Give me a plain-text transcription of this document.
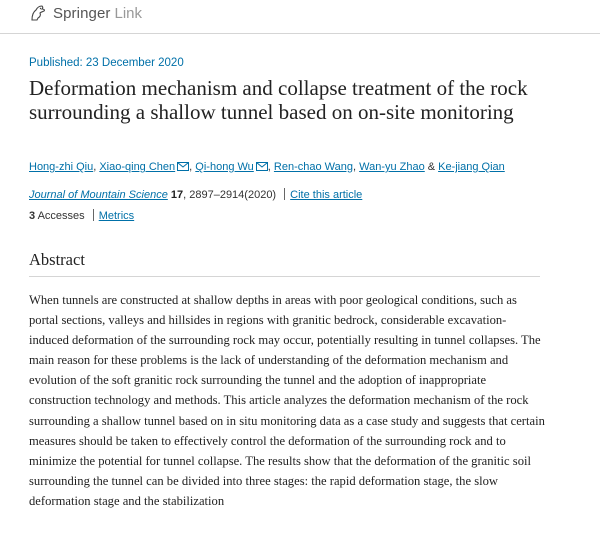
Springer Link
Published: 23 December 2020
Deformation mechanism and collapse treatment of the rock surrounding a shallow tunnel based on on-site monitoring
Hong-zhi Qiu, Xiao-qing Chen , Qi-hong Wu , Ren-chao Wang, Wan-yu Zhao & Ke-jiang Qian
Journal of Mountain Science 17, 2897–2914(2020) Cite this article
3 Accesses Metrics
Abstract

When tunnels are constructed at shallow depths in areas with poor geological conditions, such as portal sections, valleys and hillsides in regions with granitic bedrock, considerable excavation-induced deformation of the surrounding rock may occur, potentially resulting in tunnel collapses. The main reason for these problems is the lack of understanding of the deformation mechanism and evolution of the soft granitic rock surrounding the tunnel and the adoption of inappropriate construction technology and methods. This article analyzes the deformation mechanism of the rock surrounding a shallow tunnel based on in situ monitoring data as a case study and suggests that certain measures should be taken to effectively control the deformation of the surrounding rock and to minimize the potential for tunnel collapse. The results show that the deformation of the granitic soil surrounding the tunnel can be divided into three stages: the rapid deformation stage, the slow deformation stage and the stabilization
